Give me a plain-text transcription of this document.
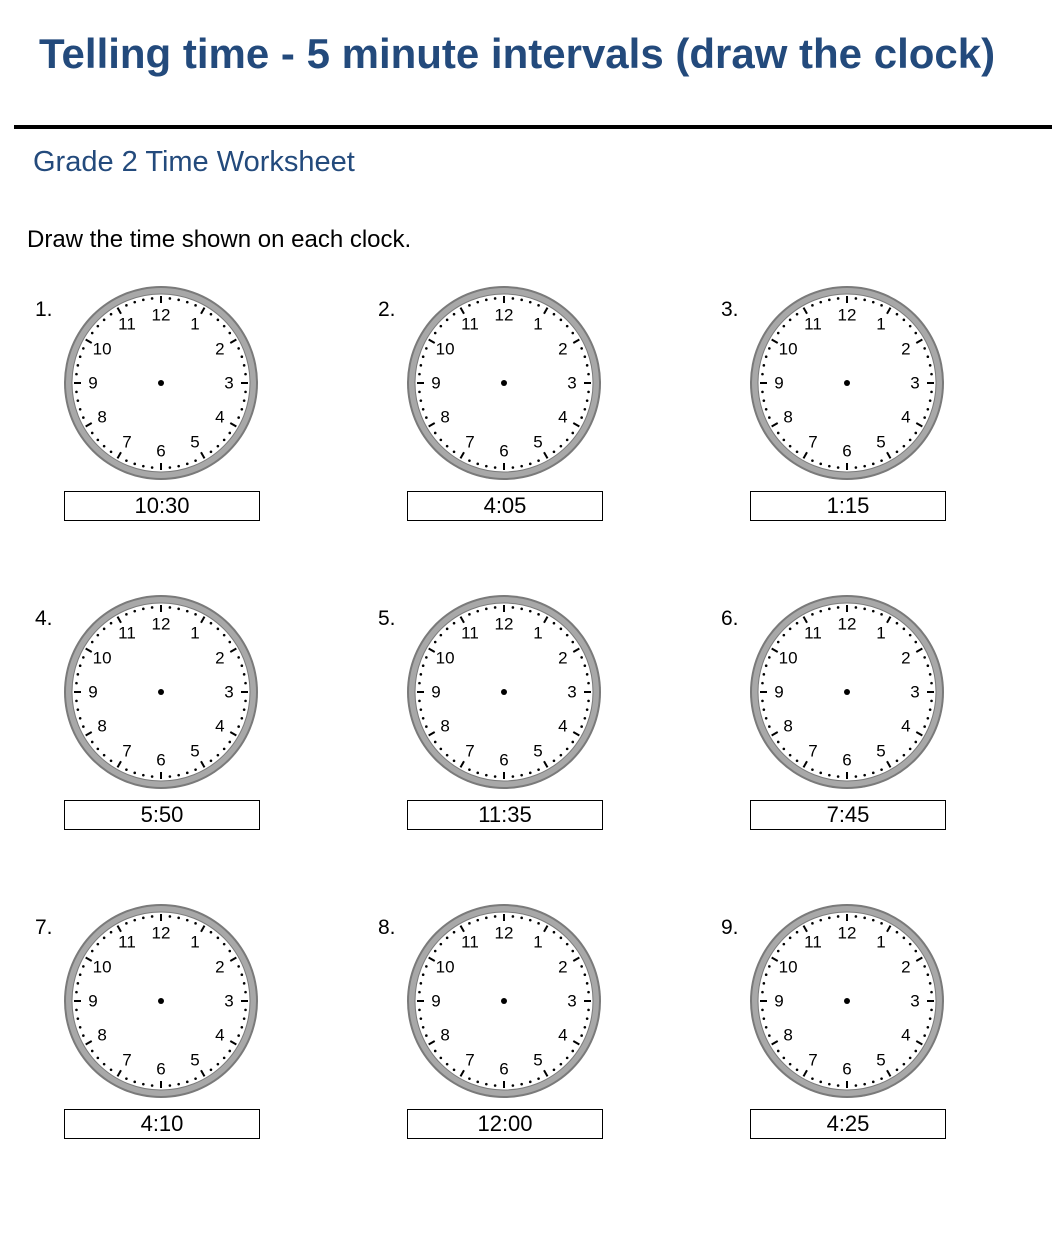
Telling time - 5 minute intervals (draw the clock)
Grade 2 Time Worksheet
Draw the time shown on each clock.
1.	12 1
2
3
4
5
6
7
8
9
10
11
10:30
2.	12 1
2
3
4
5
6
7
8
9
10
11
4:05
3.	12 1
2
3
4
5
6
7
8
9
10
11
1:15
4.	12 1
2
3
4
5
6
7
8
9
10
11
5:50
5.	12 1
2
3
4
5
6
7
8
9
10
11
11:35
6.	12 1
2
3
4
5
6
7
8
9
10
11
7:45
7.	12 1
2
3
4
5
6
7
8
9
10
11
4:10
8.	12 1
2
3
4
5
6
7
8
9
10
11
12:00
9.	12 1
2
3
4
5
6
7
8
9
10
11
4:25
